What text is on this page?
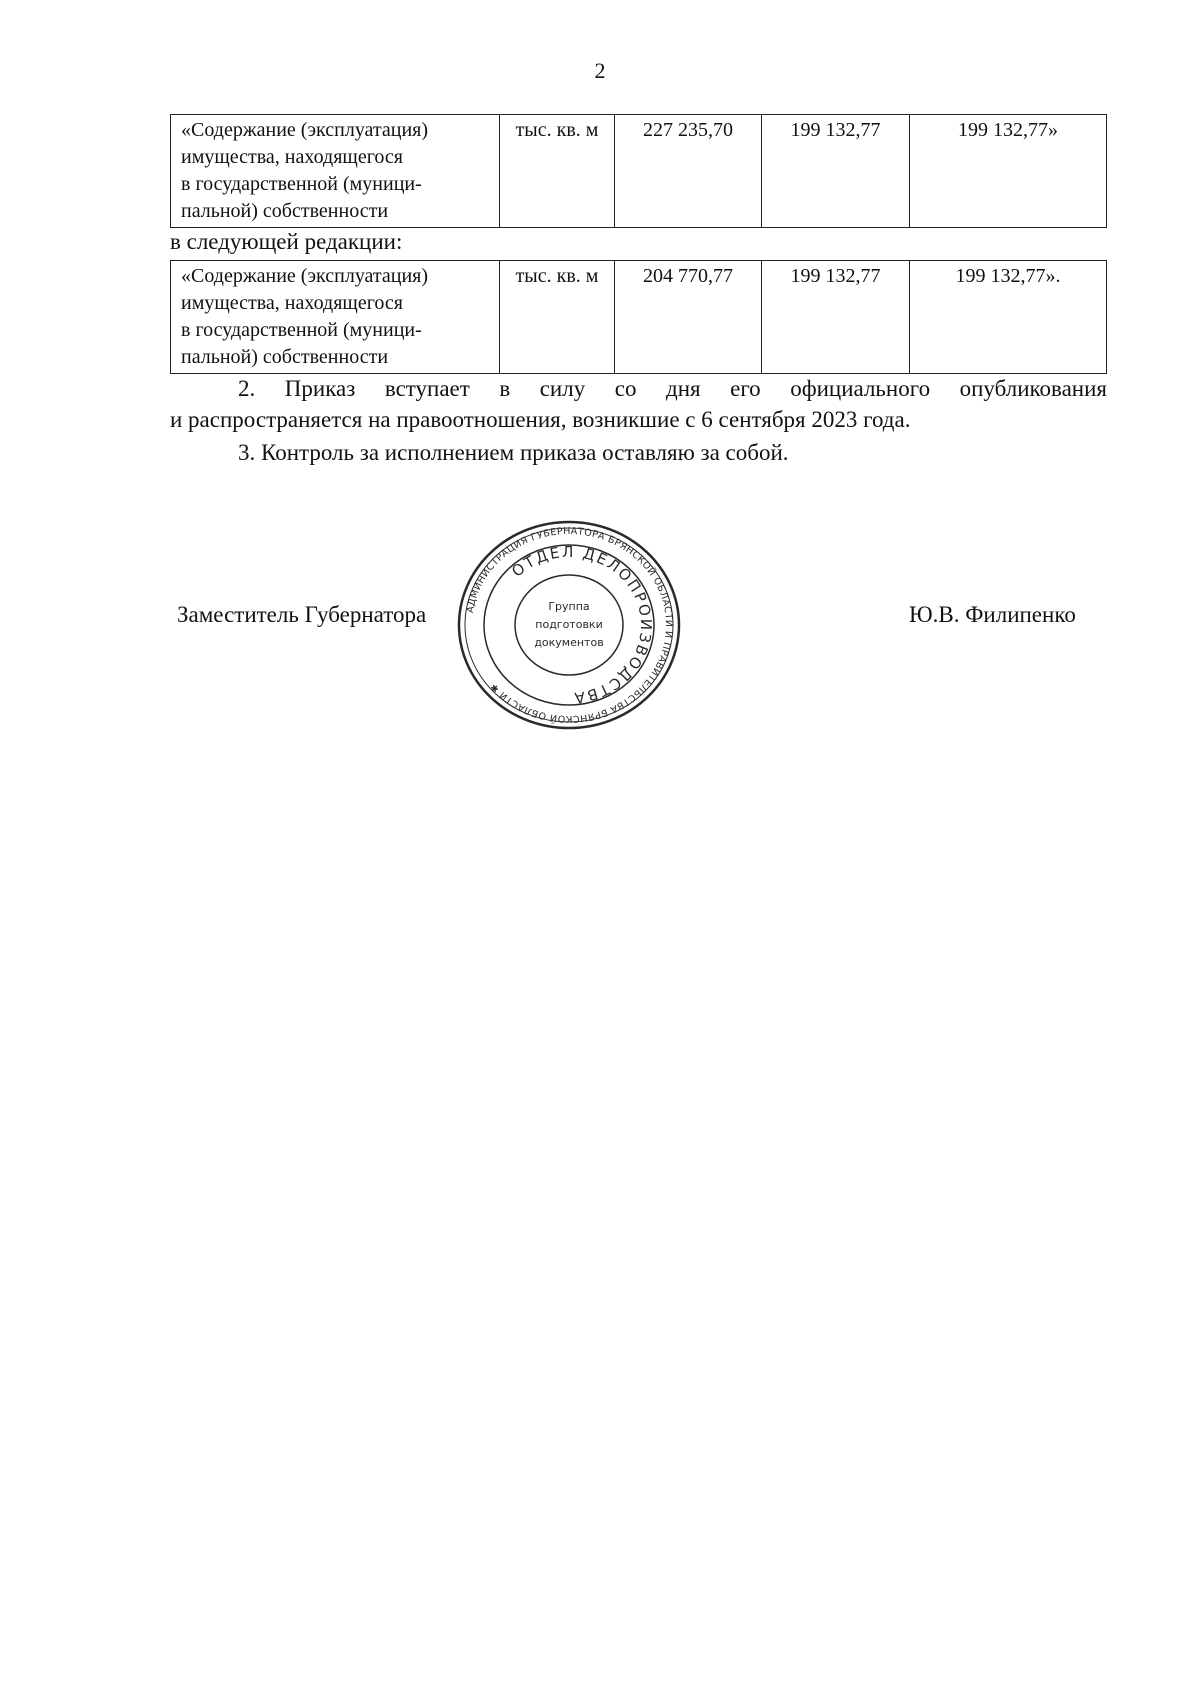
2
«Содержание (эксплуатация)
имущества, находящегося
в государственной (муници-
пальной) собственности
	тыс. кв. м	227 235,70	199 132,77	199 132,77»
в следующей редакции:
«Содержание (эксплуатация)
имущества, находящегося
в государственной (муници-
пальной) собственности
	тыс. кв. м	204 770,77	199 132,77	199 132,77».
2. Приказ вступает в силу со дня его официального опубликования
и распространяется на правоотношения, возникшие с 6 сентября 2023 года.
3. Контроль за исполнением приказа оставляю за собой.
Заместитель Губернатора	Ю.В. Филипенко
АДМИНИСТРАЦИЯ ГУБЕРНАТОРА БРЯНСКОЙ ОБЛАСТИ И ПРАВИТЕЛЬСТВА БРЯНСКОЙ ОБЛАСТИ ✱
ОТДЕЛ ДЕЛОПРОИЗВОДСТВА
Группа
подготовки
документов
